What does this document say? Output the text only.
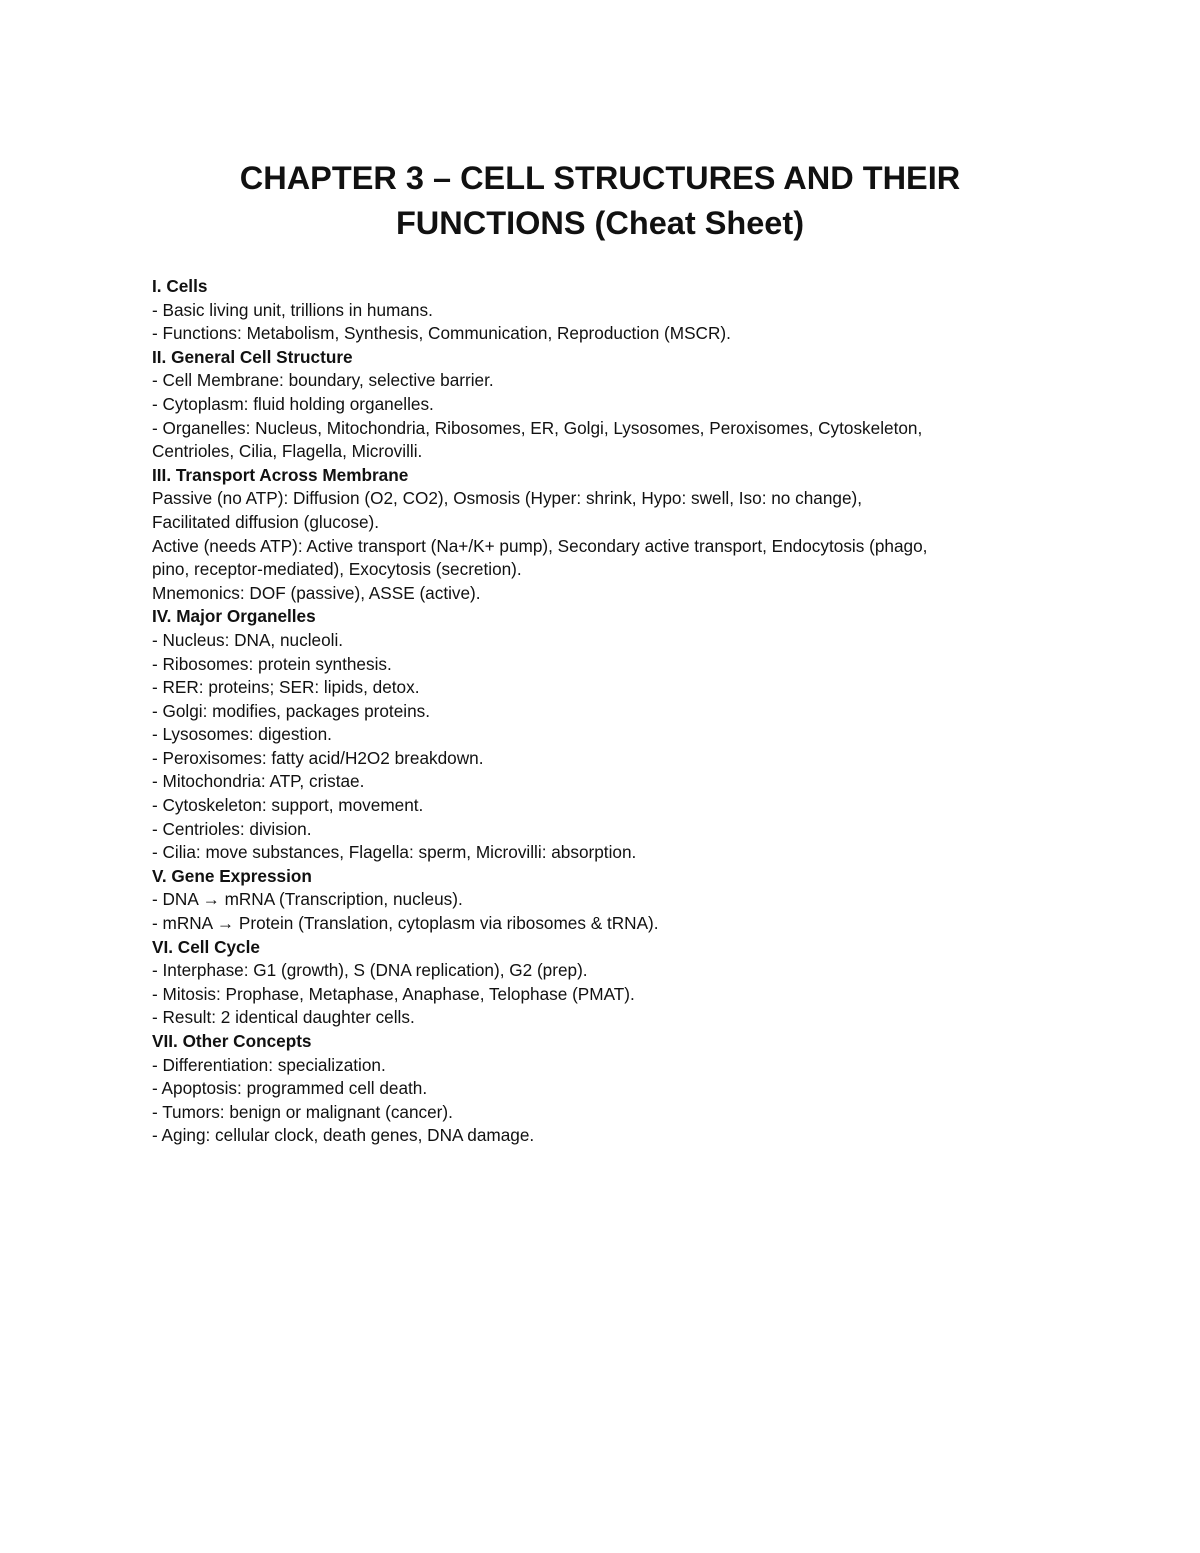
CHAPTER 3 – CELL STRUCTURES AND THEIR
FUNCTIONS (Cheat Sheet)

I. Cells

- Basic living unit, trillions in humans.

- Functions: Metabolism, Synthesis, Communication, Reproduction (MSCR).

II. General Cell Structure

- Cell Membrane: boundary, selective barrier.

- Cytoplasm: fluid holding organelles.

- Organelles: Nucleus, Mitochondria, Ribosomes, ER, Golgi, Lysosomes, Peroxisomes, Cytoskeleton,

Centrioles, Cilia, Flagella, Microvilli.

III. Transport Across Membrane

Passive (no ATP): Diffusion (O2, CO2), Osmosis (Hyper: shrink, Hypo: swell, Iso: no change),

Facilitated diffusion (glucose).

Active (needs ATP): Active transport (Na+/K+ pump), Secondary active transport, Endocytosis (phago,

pino, receptor-mediated), Exocytosis (secretion).

Mnemonics: DOF (passive), ASSE (active).

IV. Major Organelles

- Nucleus: DNA, nucleoli.

- Ribosomes: protein synthesis.

- RER: proteins; SER: lipids, detox.

- Golgi: modifies, packages proteins.

- Lysosomes: digestion.

- Peroxisomes: fatty acid/H2O2 breakdown.

- Mitochondria: ATP, cristae.

- Cytoskeleton: support, movement.

- Centrioles: division.

- Cilia: move substances, Flagella: sperm, Microvilli: absorption.

V. Gene Expression

- DNA → mRNA (Transcription, nucleus).

- mRNA → Protein (Translation, cytoplasm via ribosomes & tRNA).

VI. Cell Cycle

- Interphase: G1 (growth), S (DNA replication), G2 (prep).

- Mitosis: Prophase, Metaphase, Anaphase, Telophase (PMAT).

- Result: 2 identical daughter cells.

VII. Other Concepts

- Differentiation: specialization.

- Apoptosis: programmed cell death.

- Tumors: benign or malignant (cancer).

- Aging: cellular clock, death genes, DNA damage.
